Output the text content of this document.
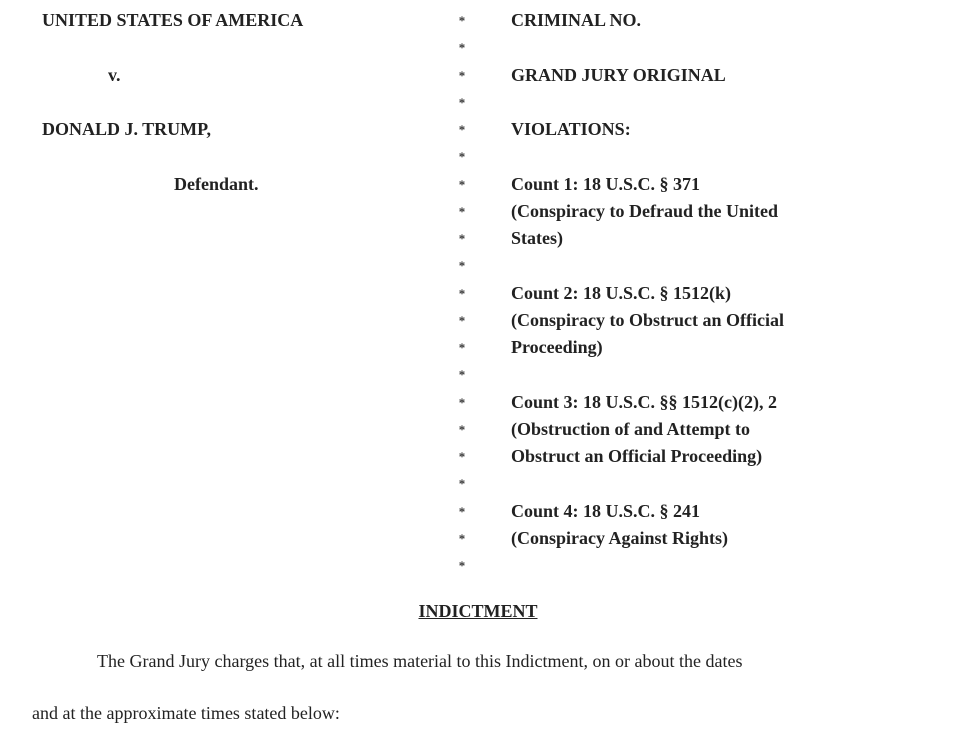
UNITED STATES OF AMERICA
v.
DONALD J. TRUMP,
Defendant.
*
*
*
*
*
*
*
*
*
*
*
*
*
*
*
*
*
*
*
*
*
CRIMINAL NO.
GRAND JURY ORIGINAL
VIOLATIONS:
Count 1: 18 U.S.C. § 371
(Conspiracy to Defraud the United
States)
Count 2: 18 U.S.C. § 1512(k)
(Conspiracy to Obstruct an Official
Proceeding)
Count 3: 18 U.S.C. §§ 1512(c)(2), 2
(Obstruction of and Attempt to
Obstruct an Official Proceeding)
Count 4: 18 U.S.C. § 241
(Conspiracy Against Rights)
INDICTMENT
The Grand Jury charges that, at all times material to this Indictment, on or about the dates
and at the approximate times stated below:
